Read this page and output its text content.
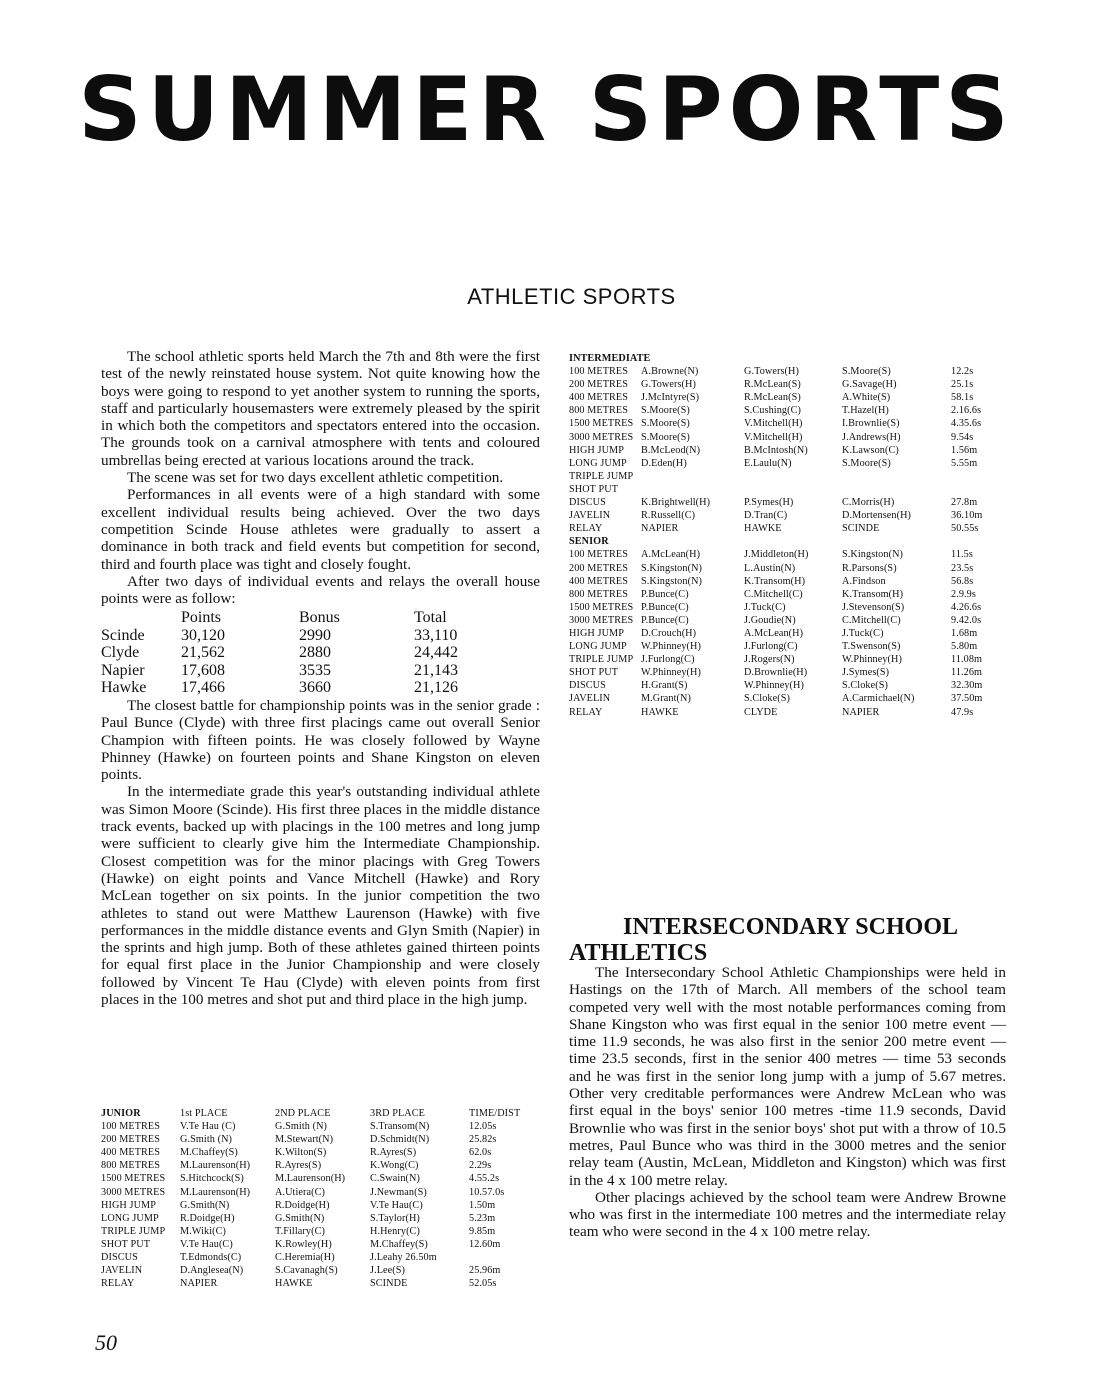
SUMMER SPORTS
ATHLETIC SPORTS

The school athletic sports held March the 7th and 8th were the first test of the newly reinstated house system. Not quite knowing how the boys were going to respond to yet another system to running the sports, staff and particularly housemasters were extremely pleased by the spirit in which both the competitors and spectators entered into the occasion. The grounds took on a carnival atmosphere with tents and coloured umbrellas being erected at various locations around the track.

The scene was set for two days excellent athletic competition.

Performances in all events were of a high standard with some excellent individual results being achieved. Over the two days competition Scinde House athletes were gradually to assert a dominance in both track and field events but competition for second, third and fourth place was tight and closely fought.

After two days of individual events and relays the overall house points were as follow:

	Points	Bonus	Total
Scinde	30,120	2990	33,110
Clyde	21,562	2880	24,442
Napier	17,608	3535	21,143
Hawke	17,466	3660	21,126

The closest battle for championship points was in the senior grade : Paul Bunce (Clyde) with three first placings came out overall Senior Champion with fifteen points. He was closely followed by Wayne Phinney (Hawke) on fourteen points and Shane Kingston on eleven points.

In the intermediate grade this year's outstanding individual athlete was Simon Moore (Scinde). His first three places in the middle distance track events, backed up with placings in the 100 metres and long jump were sufficient to clearly give him the Intermediate Championship. Closest competition was for the minor placings with Greg Towers (Hawke) on eight points and Vance Mitchell (Hawke) and Rory McLean together on six points. In the junior competition the two athletes to stand out were Matthew Laurenson (Hawke) with five performances in the middle distance events and Glyn Smith (Napier) in the sprints and high jump. Both of these athletes gained thirteen points for equal first place in the Junior Championship and were closely followed by Vincent Te Hau (Clyde) with eleven points from first places in the 100 metres and shot put and third place in the high jump.

JUNIOR	1st PLACE	2ND PLACE	3RD PLACE	TIME/DIST
100 METRES	V.Te Hau (C)	G.Smith (N)	S.Transom(N)	12.05s
200 METRES	G.Smith (N)	M.Stewart(N)	D.Schmidt(N)	25.82s
400 METRES	M.Chaffey(S)	K.Wilton(S)	R.Ayres(S)	62.0s
800 METRES	M.Laurenson(H)	R.Ayres(S)	K.Wong(C)	2.29s
1500 METRES	S.Hitchcock(S)	M.Laurenson(H)	C.Swain(N)	4.55.2s
3000 METRES	M.Laurenson(H)	A.Utiera(C)	J.Newman(S)	10.57.0s
HIGH JUMP	G.Smith(N)	R.Doidge(H)	V.Te Hau(C)	1.50m
LONG JUMP	R.Doidge(H)	G.Smith(N)	S.Taylor(H)	5.23m
TRIPLE JUMP	M.Wiki(C)	T.Fillary(C)	H.Henry(C)	9.85m
SHOT PUT	V.Te Hau(C)	K.Rowley(H)	M.Chaffey(S)	12.60m
DISCUS	T.Edmonds(C)	C.Heremia(H)	J.Leahy 26.50m	
JAVELIN	D.Anglesea(N)	S.Cavanagh(S)	J.Lee(S)	25.96m
RELAY	NAPIER	HAWKE	SCINDE	52.05s
INTERMEDIATE				
100 METRES	A.Browne(N)	G.Towers(H)	S.Moore(S)	12.2s
200 METRES	G.Towers(H)	R.McLean(S)	G.Savage(H)	25.1s
400 METRES	J.McIntyre(S)	R.McLean(S)	A.White(S)	58.1s
800 METRES	S.Moore(S)	S.Cushing(C)	T.Hazel(H)	2.16.6s
1500 METRES	S.Moore(S)	V.Mitchell(H)	I.Brownlie(S)	4.35.6s
3000 METRES	S.Moore(S)	V.Mitchell(H)	J.Andrews(H)	9.54s
HIGH JUMP	B.McLeod(N)	B.McIntosh(N)	K.Lawson(C)	1.56m
LONG JUMP	D.Eden(H)	E.Laulu(N)	S.Moore(S)	5.55m
TRIPLE JUMP				
SHOT PUT				
DISCUS	K.Brightwell(H)	P.Symes(H)	C.Morris(H)	27.8m
JAVELIN	R.Russell(C)	D.Tran(C)	D.Mortensen(H)	36.10m
RELAY	NAPIER	HAWKE	SCINDE	50.55s
SENIOR				
100 METRES	A.McLean(H)	J.Middleton(H)	S.Kingston(N)	11.5s
200 METRES	S.Kingston(N)	L.Austin(N)	R.Parsons(S)	23.5s
400 METRES	S.Kingston(N)	K.Transom(H)	A.Findson	56.8s
800 METRES	P.Bunce(C)	C.Mitchell(C)	K.Transom(H)	2.9.9s
1500 METRES	P.Bunce(C)	J.Tuck(C)	J.Stevenson(S)	4.26.6s
3000 METRES	P.Bunce(C)	J.Goudie(N)	C.Mitchell(C)	9.42.0s
HIGH JUMP	D.Crouch(H)	A.McLean(H)	J.Tuck(C)	1.68m
LONG JUMP	W.Phinney(H)	J.Furlong(C)	T.Swenson(S)	5.80m
TRIPLE JUMP	J.Furlong(C)	J.Rogers(N)	W.Phinney(H)	11.08m
SHOT PUT	W.Phinney(H)	D.Brownlie(H)	J.Symes(S)	11.26m
DISCUS	H.Grant(S)	W.Phinney(H)	S.Cloke(S)	32.30m
JAVELIN	M.Grant(N)	S.Cloke(S)	A.Carmichael(N)	37.50m
RELAY	HAWKE	CLYDE	NAPIER	47.9s
INTERSECONDARY SCHOOL ATHLETICS

The Intersecondary School Athletic Championships were held in Hastings on the 17th of March. All members of the school team competed very well with the most notable performances coming from Shane Kingston who was first equal in the senior 100 metre event — time 11.9 seconds, he was also first in the senior 200 metre event — time 23.5 seconds, first in the senior 400 metres — time 53 seconds and he was first in the senior long jump with a jump of 5.67 metres. Other very creditable performances were Andrew McLean who was first equal in the boys' senior 100 metres -time 11.9 seconds, David Brownlie who was first in the senior boys' shot put with a throw of 10.5 metres, Paul Bunce who was third in the 3000 metres and the senior relay team (Austin, McLean, Middleton and Kingston) which was first in the 4 x 100 metre relay.

Other placings achieved by the school team were Andrew Browne who was first in the intermediate 100 metres and the intermediate relay team who were second in the 4 x 100 metre relay.

50
